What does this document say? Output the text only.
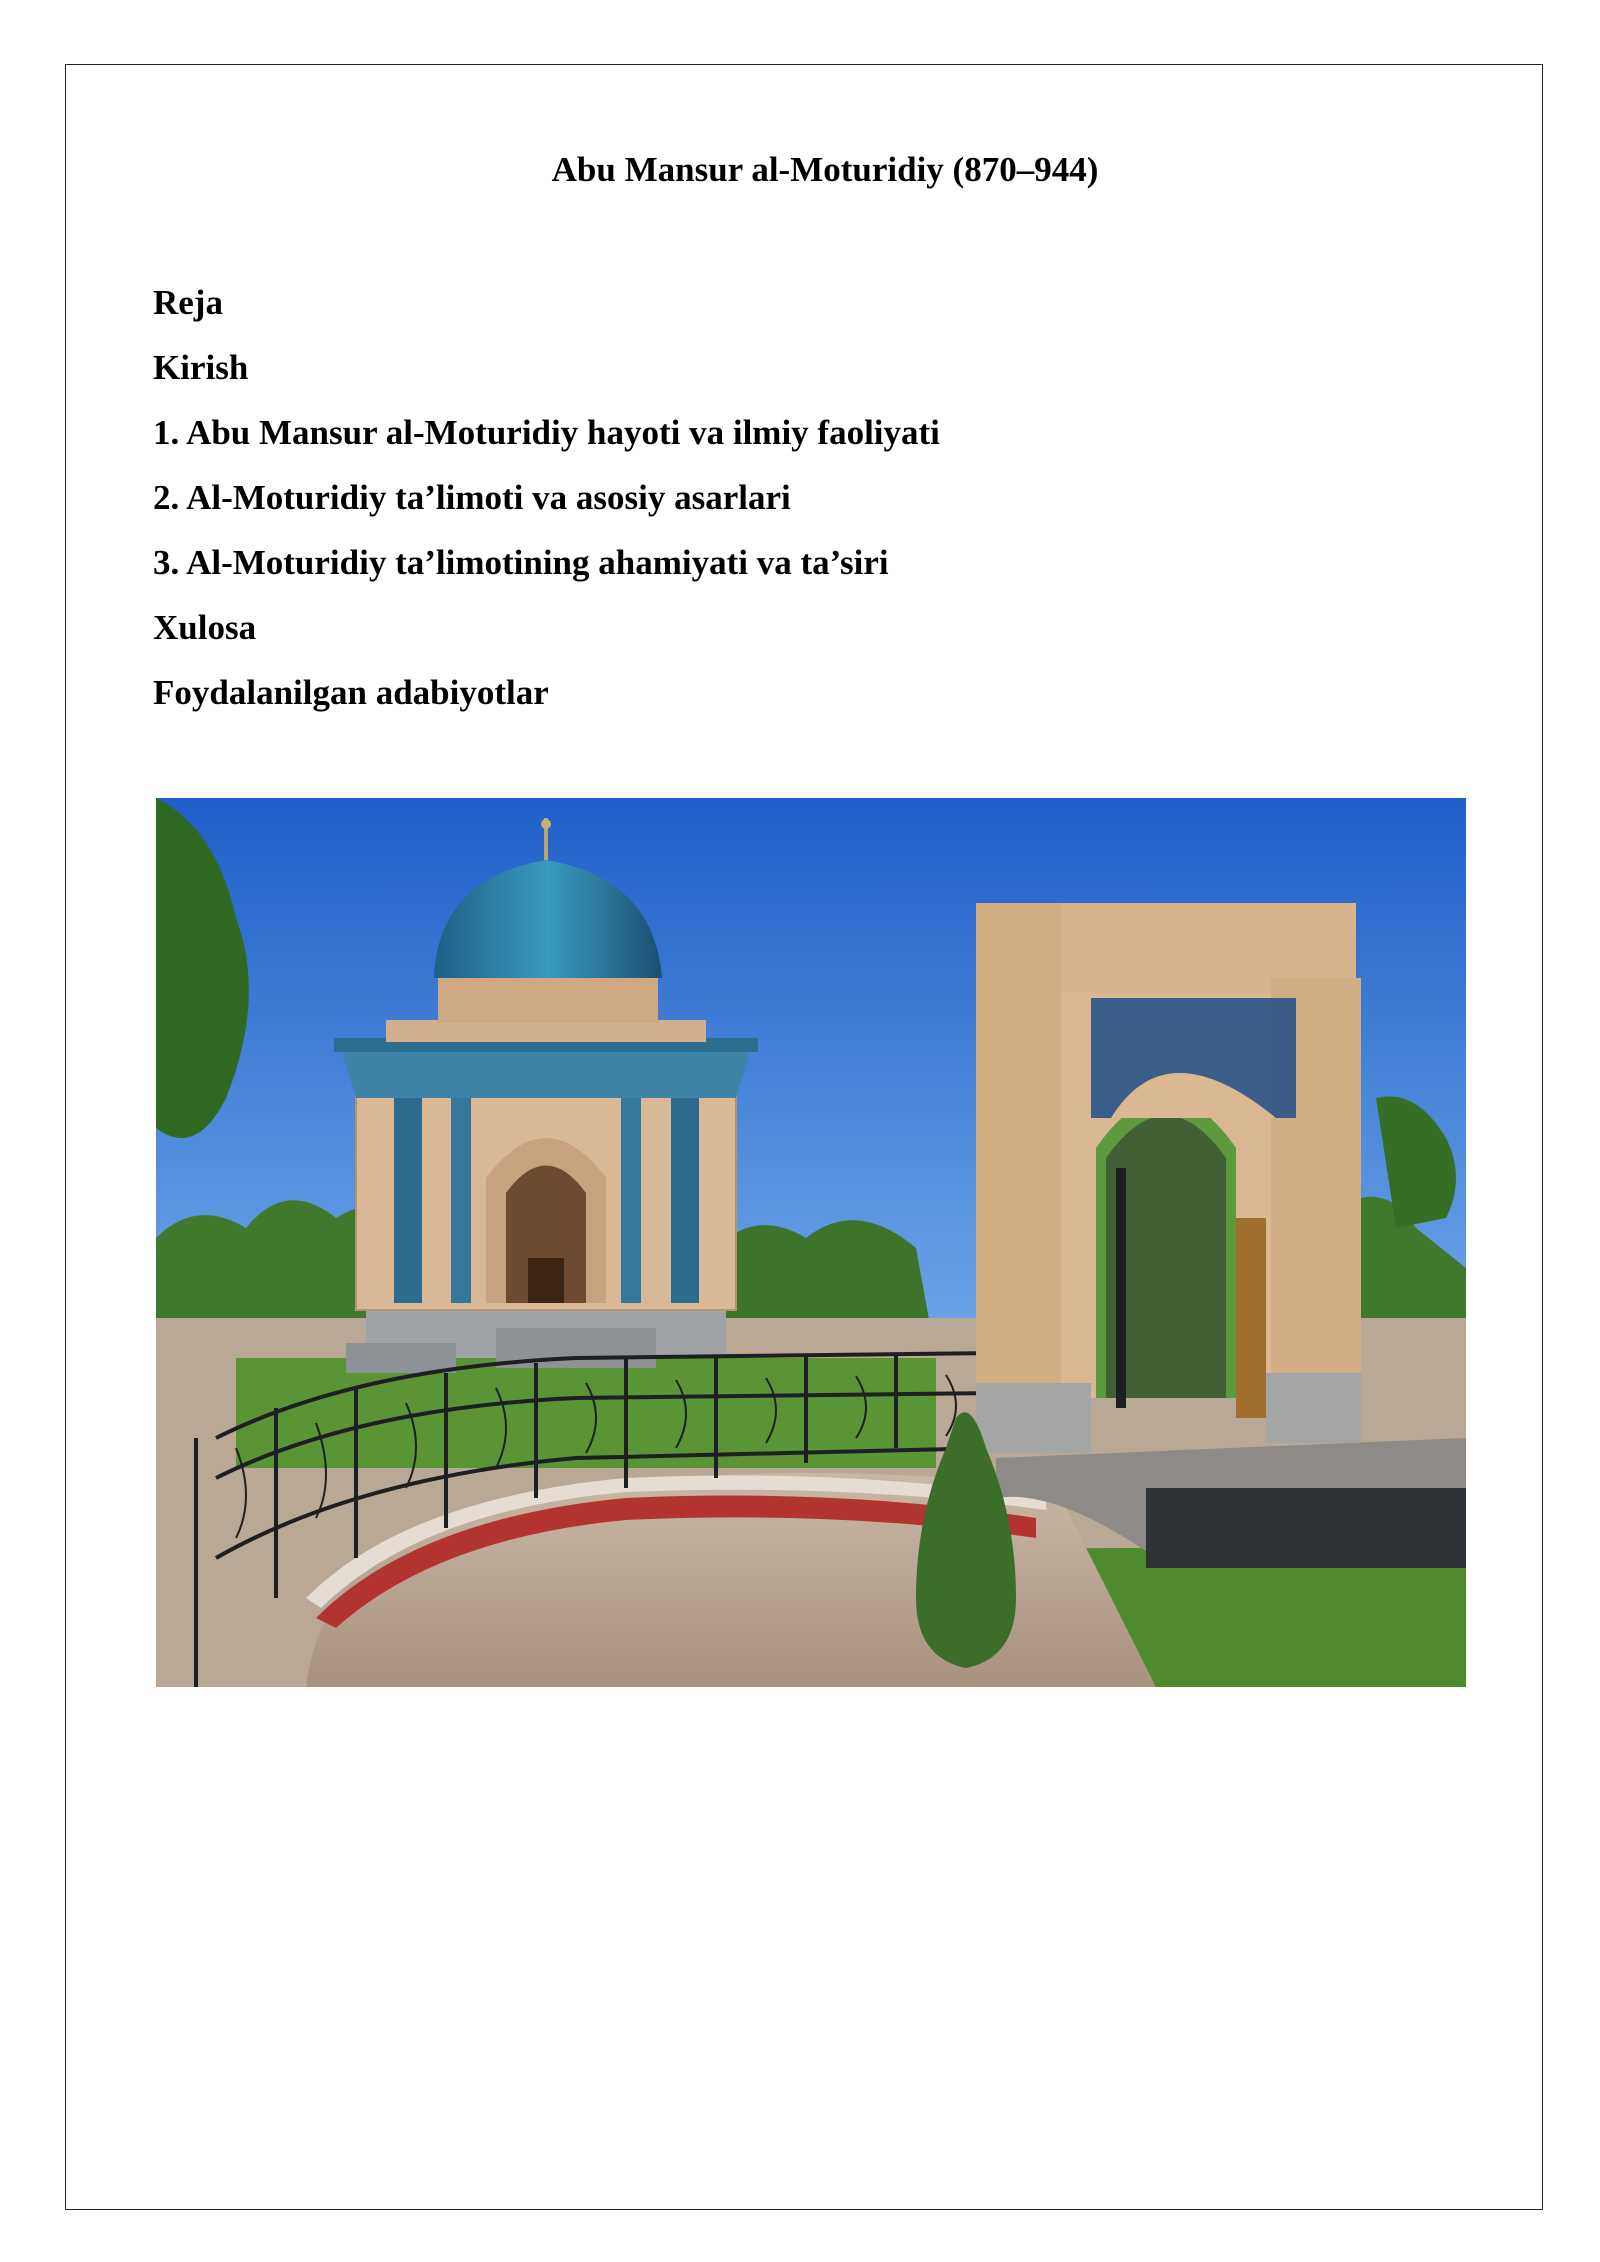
Abu Mansur al-Moturidiy (870–944)
Reja
Kirish
1. Abu Mansur al-Moturidiy hayoti va ilmiy faoliyati
2. Al-Moturidiy ta’limoti va asosiy asarlari
3. Al-Moturidiy ta’limotining ahamiyati va ta’siri
Xulosa
Foydalanilgan adabiyotlar
